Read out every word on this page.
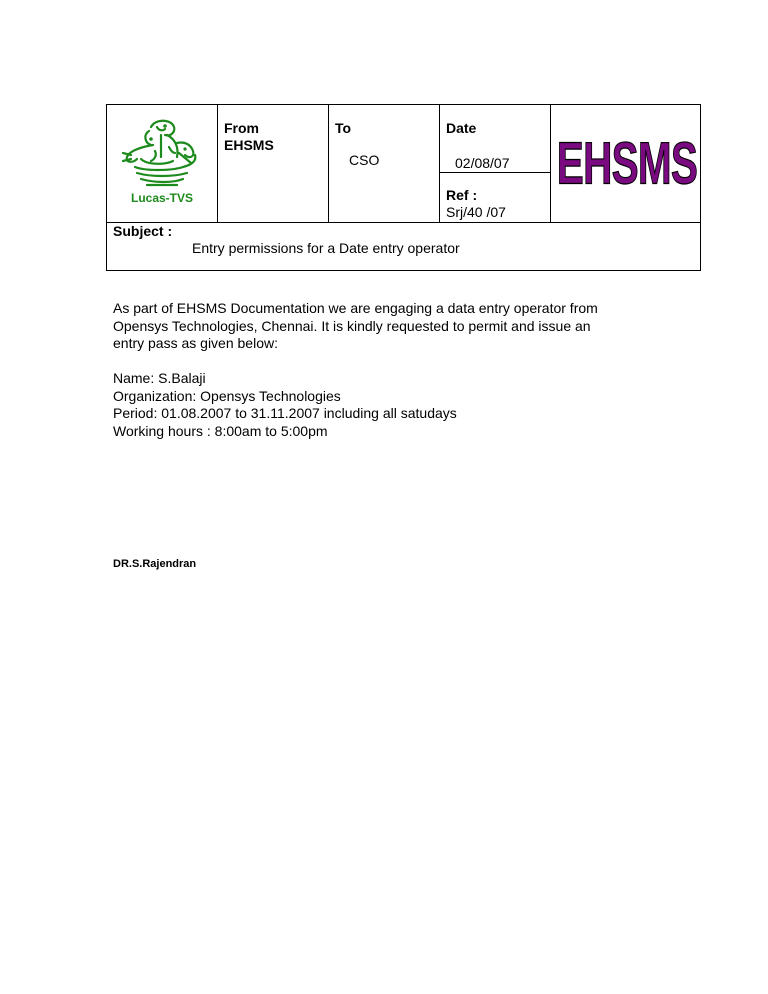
Lucas-TVS
From
EHSMS
To
CSO
Date
02/08/07
Ref :
Srj/40 /07
EHSMS
Subject :
Entry permissions for a Date entry operator

As part of EHSMS Documentation we are engaging a data entry operator from

Opensys Technologies, Chennai. It is kindly requested to permit and issue an

entry pass as given below:

Name: S.Balaji

Organization: Opensys Technologies

Period: 01.08.2007 to 31.11.2007 including all satudays

Working hours : 8:00am to 5:00pm

DR.S.Rajendran
